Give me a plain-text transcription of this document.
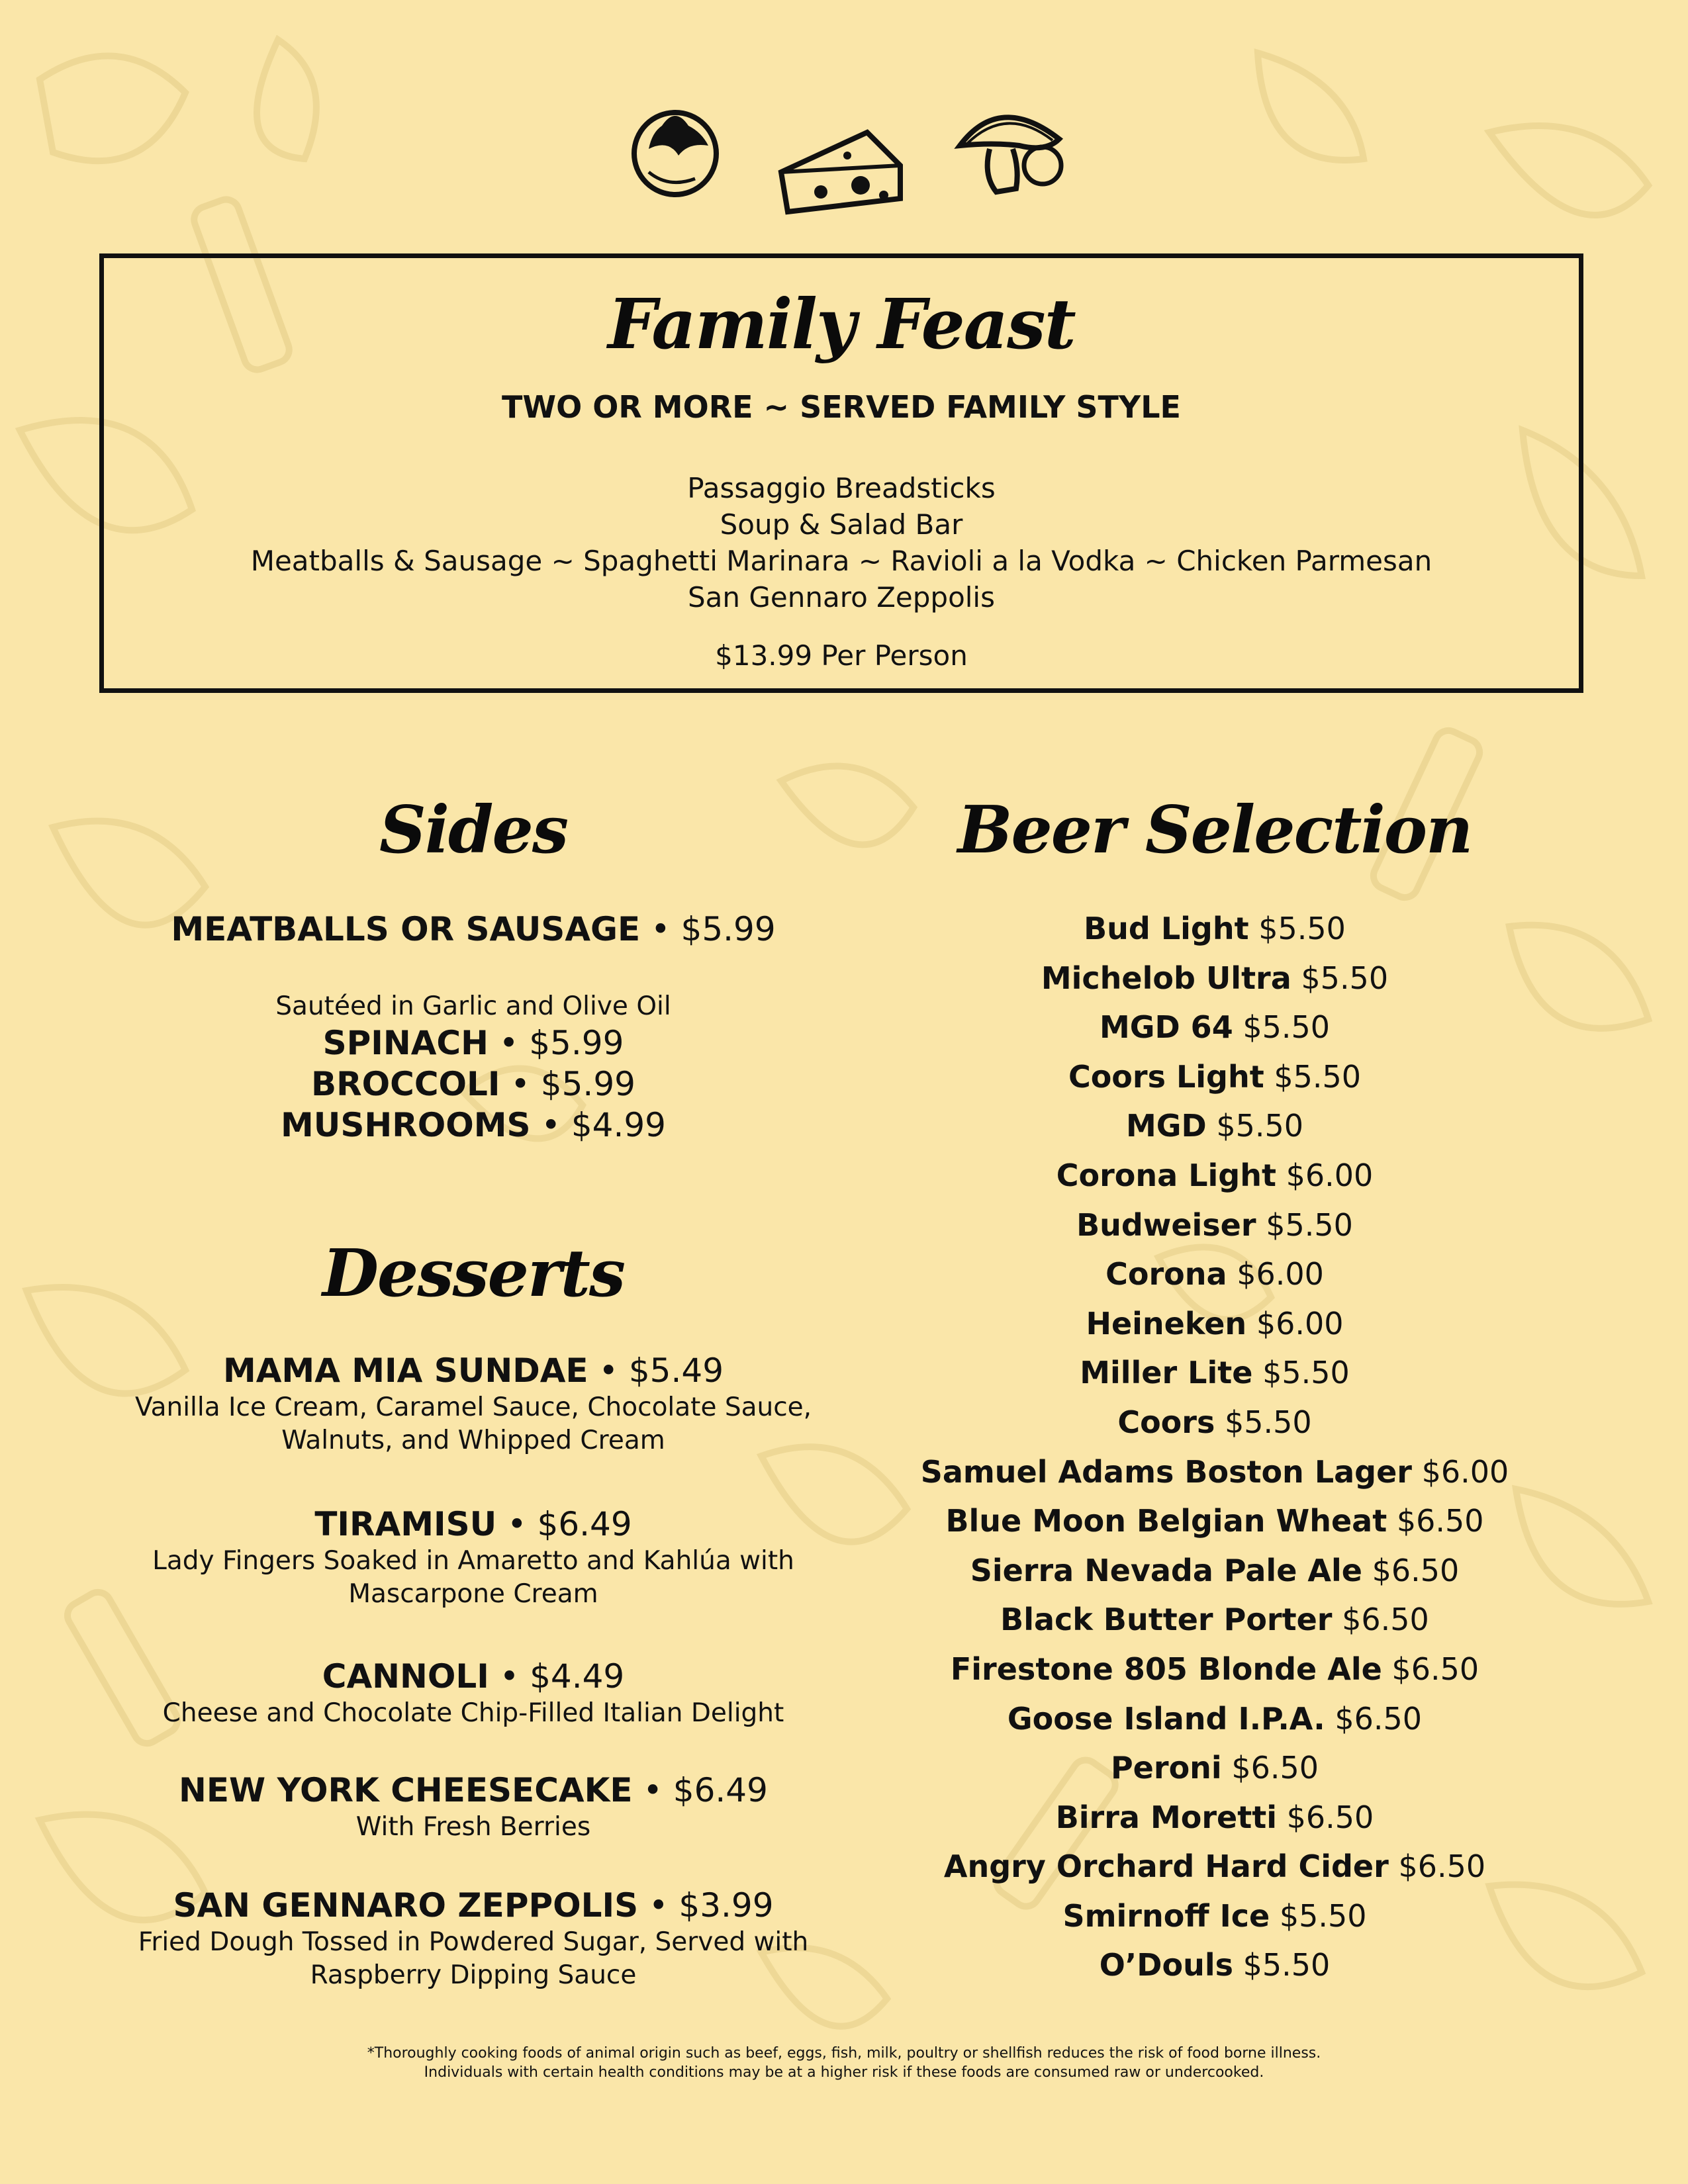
Family Feast
TWO OR MORE ~ SERVED FAMILY STYLE
Passaggio Breadsticks
Soup & Salad Bar
Meatballs & Sausage ~ Spaghetti Marinara ~ Ravioli a la Vodka ~ Chicken Parmesan
San Gennaro Zeppolis
$13.99 Per Person
Sides
MEATBALLS OR SAUSAGE • $5.99
Sautéed in Garlic and Olive Oil
SPINACH • $5.99
BROCCOLI • $5.99
MUSHROOMS • $4.99
Desserts
MAMA MIA SUNDAE • $5.49
Vanilla Ice Cream, Caramel Sauce, Chocolate Sauce,
Walnuts, and Whipped Cream
TIRAMISU • $6.49
Lady Fingers Soaked in Amaretto and Kahlúa with
Mascarpone Cream
CANNOLI • $4.49
Cheese and Chocolate Chip-Filled Italian Delight
NEW YORK CHEESECAKE • $6.49
With Fresh Berries
SAN GENNARO ZEPPOLIS • $3.99
Fried Dough Tossed in Powdered Sugar, Served with
Raspberry Dipping Sauce
Beer Selection
Bud Light $5.50
Michelob Ultra $5.50
MGD 64 $5.50
Coors Light $5.50
MGD $5.50
Corona Light $6.00
Budweiser $5.50
Corona $6.00
Heineken $6.00
Miller Lite $5.50
Coors $5.50
Samuel Adams Boston Lager $6.00
Blue Moon Belgian Wheat $6.50
Sierra Nevada Pale Ale $6.50
Black Butter Porter $6.50
Firestone 805 Blonde Ale $6.50
Goose Island I.P.A. $6.50
Peroni $6.50
Birra Moretti $6.50
Angry Orchard Hard Cider $6.50
Smirnoff Ice $5.50
O’Douls $5.50
*Thoroughly cooking foods of animal origin such as beef, eggs, fish, milk, poultry or shellfish reduces the risk of food borne illness.
Individuals with certain health conditions may be at a higher risk if these foods are consumed raw or undercooked.
